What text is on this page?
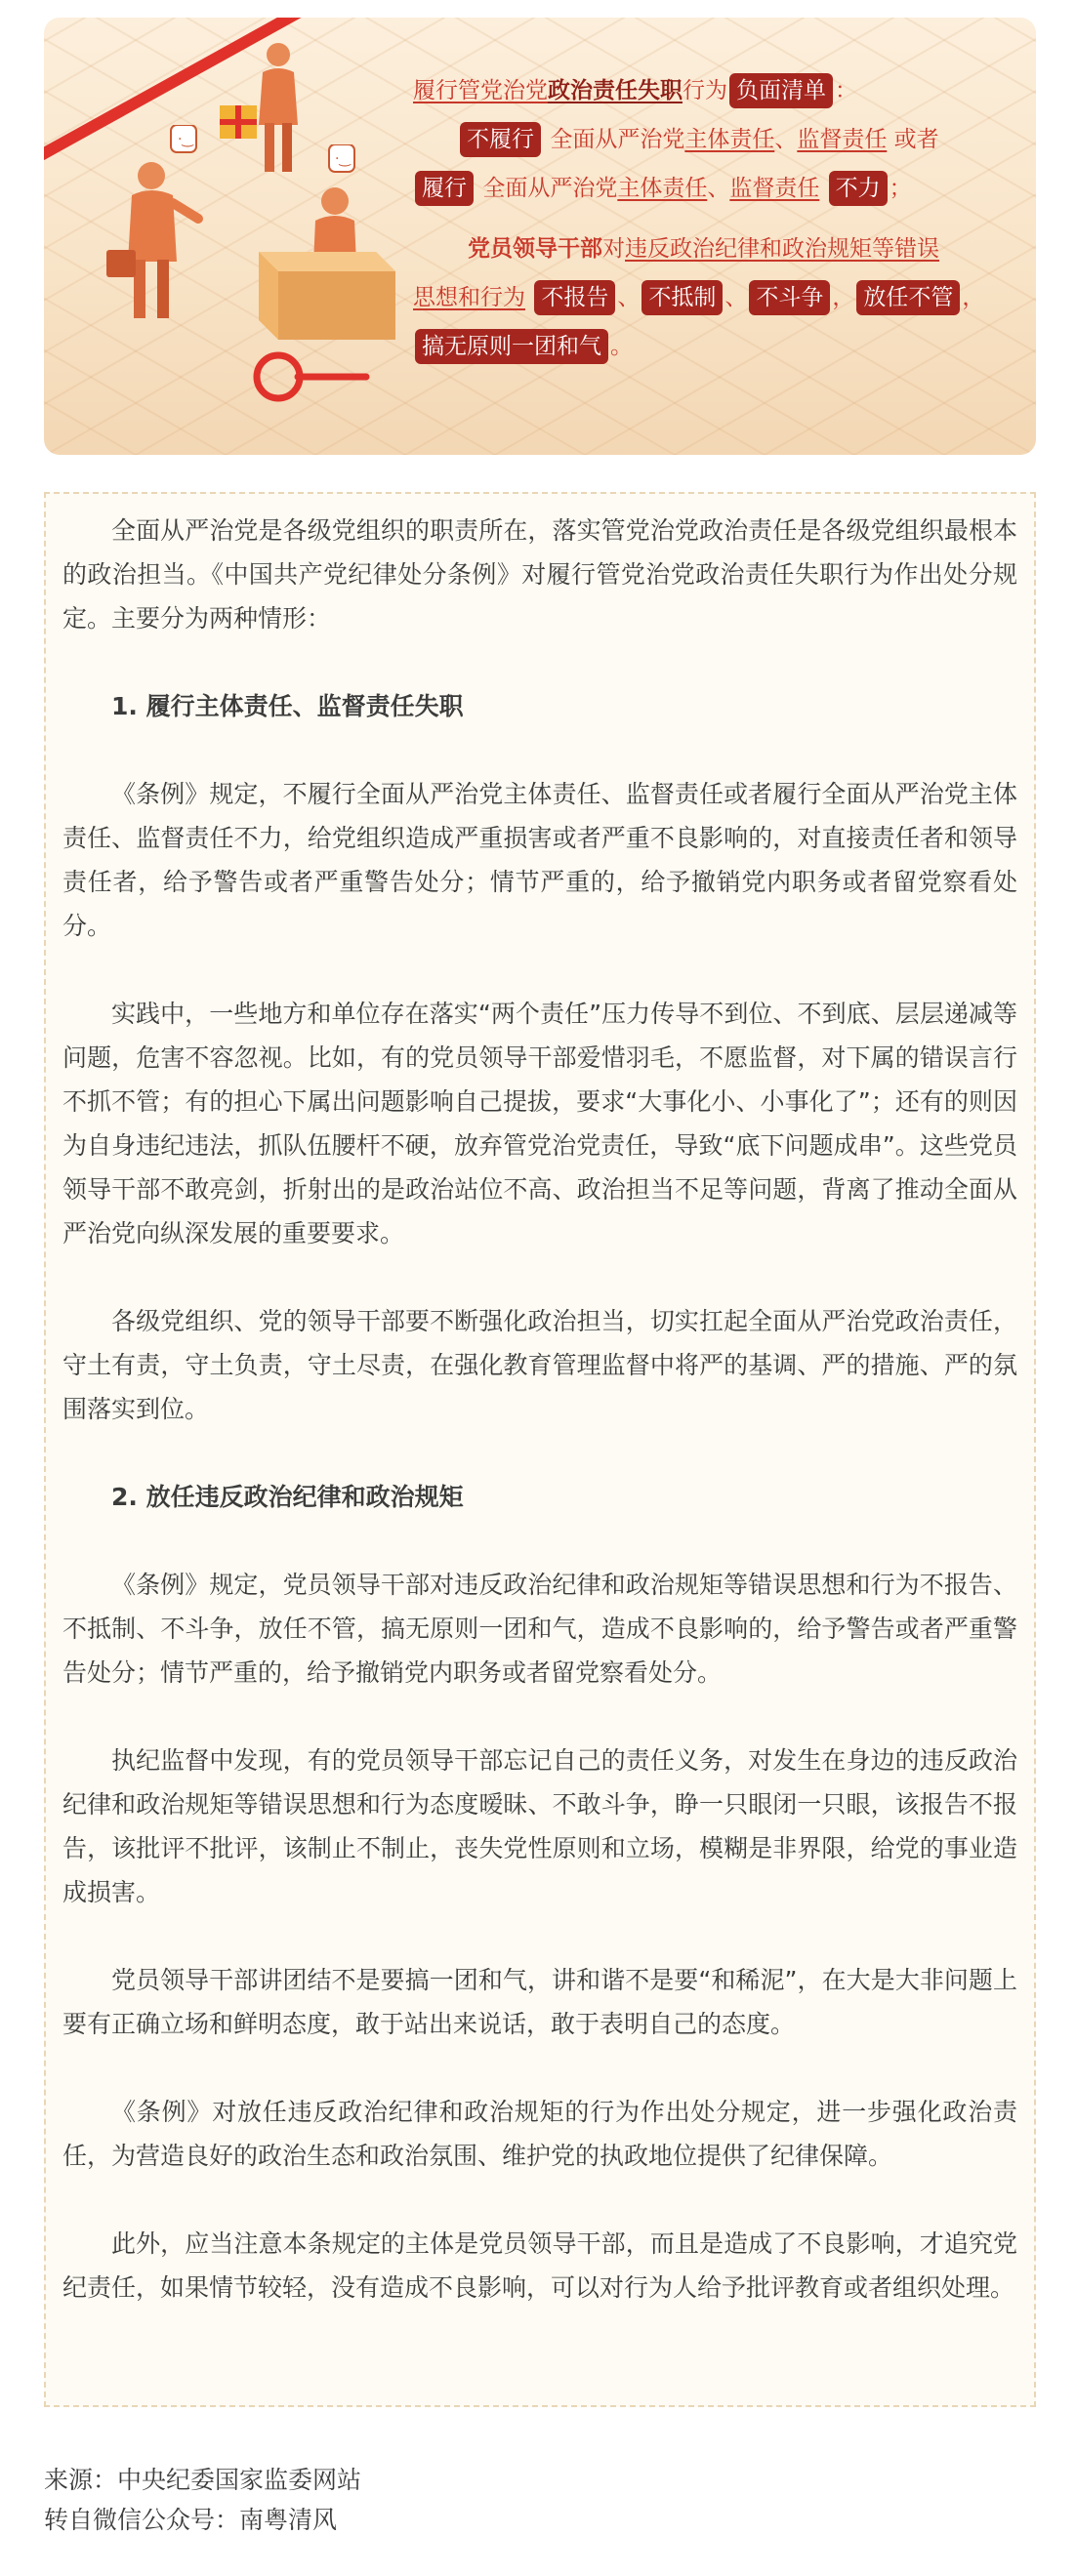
·‿
·‿
履行管党治党政治责任失职行为 负面清单 ：
不履行 全面从严治党主体责任、监督责任 或者
履行 全面从严治党主体责任、监督责任 不力 ；
党员领导干部对违反政治纪律和政治规矩等错误
思想和行为 不报告 、 不抵制 、 不斗争 ， 放任不管 ，
搞无原则一团和气 。

全面从严治党是各级党组织的职责所在，落实管党治党政治责任是各级党组织最根本的政治担当。《中国共产党纪律处分条例》对履行管党治党政治责任失职行为作出处分规定。主要分为两种情形：

1. 履行主体责任、监督责任失职

《条例》规定，不履行全面从严治党主体责任、监督责任或者履行全面从严治党主体责任、监督责任不力，给党组织造成严重损害或者严重不良影响的，对直接责任者和领导责任者，给予警告或者严重警告处分；情节严重的，给予撤销党内职务或者留党察看处分。

实践中，一些地方和单位存在落实“两个责任”压力传导不到位、不到底、层层递减等问题，危害不容忽视。比如，有的党员领导干部爱惜羽毛，不愿监督，对下属的错误言行不抓不管；有的担心下属出问题影响自己提拔，要求“大事化小、小事化了”；还有的则因为自身违纪违法，抓队伍腰杆不硬，放弃管党治党责任，导致“底下问题成串”。这些党员领导干部不敢亮剑，折射出的是政治站位不高、政治担当不足等问题，背离了推动全面从严治党向纵深发展的重要要求。

各级党组织、党的领导干部要不断强化政治担当，切实扛起全面从严治党政治责任，守土有责，守土负责，守土尽责，在强化教育管理监督中将严的基调、严的措施、严的氛围落实到位。

2. 放任违反政治纪律和政治规矩

《条例》规定，党员领导干部对违反政治纪律和政治规矩等错误思想和行为不报告、不抵制、不斗争，放任不管，搞无原则一团和气，造成不良影响的，给予警告或者严重警告处分；情节严重的，给予撤销党内职务或者留党察看处分。

执纪监督中发现，有的党员领导干部忘记自己的责任义务，对发生在身边的违反政治纪律和政治规矩等错误思想和行为态度暧昧、不敢斗争，睁一只眼闭一只眼，该报告不报告，该批评不批评，该制止不制止，丧失党性原则和立场，模糊是非界限，给党的事业造成损害。

党员领导干部讲团结不是要搞一团和气，讲和谐不是要“和稀泥”，在大是大非问题上要有正确立场和鲜明态度，敢于站出来说话，敢于表明自己的态度。

《条例》对放任违反政治纪律和政治规矩的行为作出处分规定，进一步强化政治责任，为营造良好的政治生态和政治氛围、维护党的执政地位提供了纪律保障。

此外，应当注意本条规定的主体是党员领导干部，而且是造成了不良影响，才追究党纪责任，如果情节较轻，没有造成不良影响，可以对行为人给予批评教育或者组织处理。

来源：中央纪委国家监委网站
转自微信公众号：南粤清风
